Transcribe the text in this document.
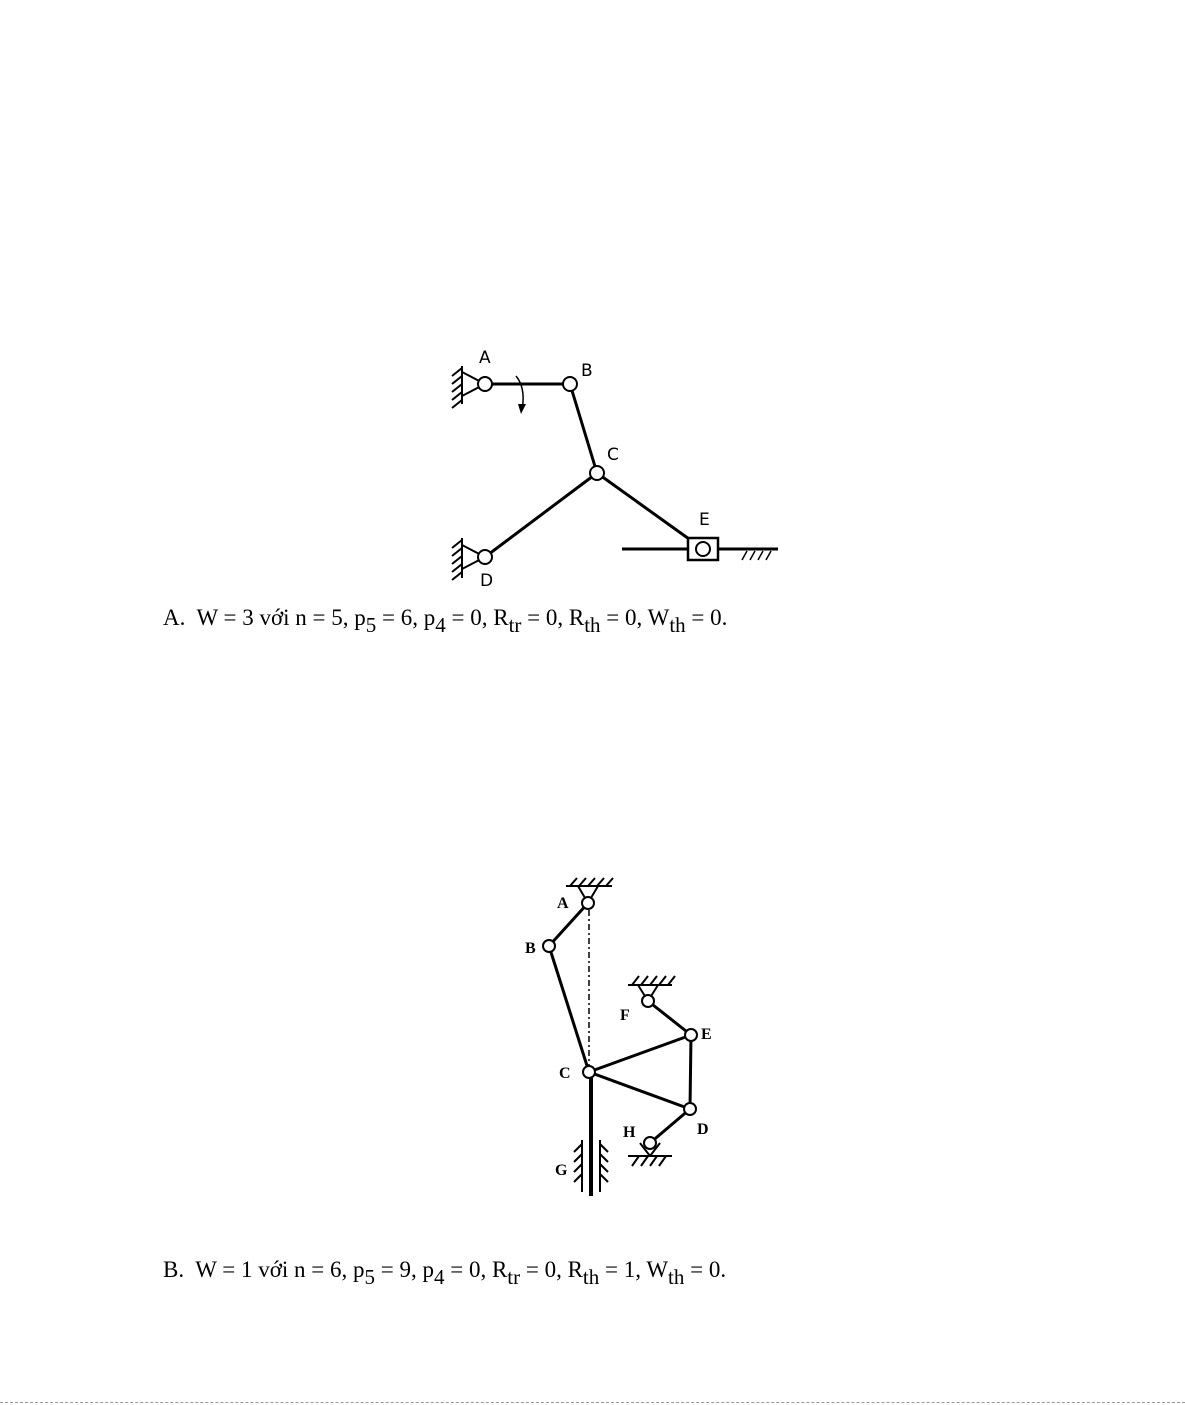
A
B
C
D
E
A
B
C
D
E
F
G
H
A. W = 3 với n = 5, $p_5 = 6$, $p_4 = 0$, $R_{tr} = 0$, $R_{th} = 0$, $W_{th} = 0$.
B. W = 1 với n = 6, $p_5 = 9$, $p_4 = 0$, $R_{tr} = 0$, $R_{th} = 1$, $W_{th} = 0$.
